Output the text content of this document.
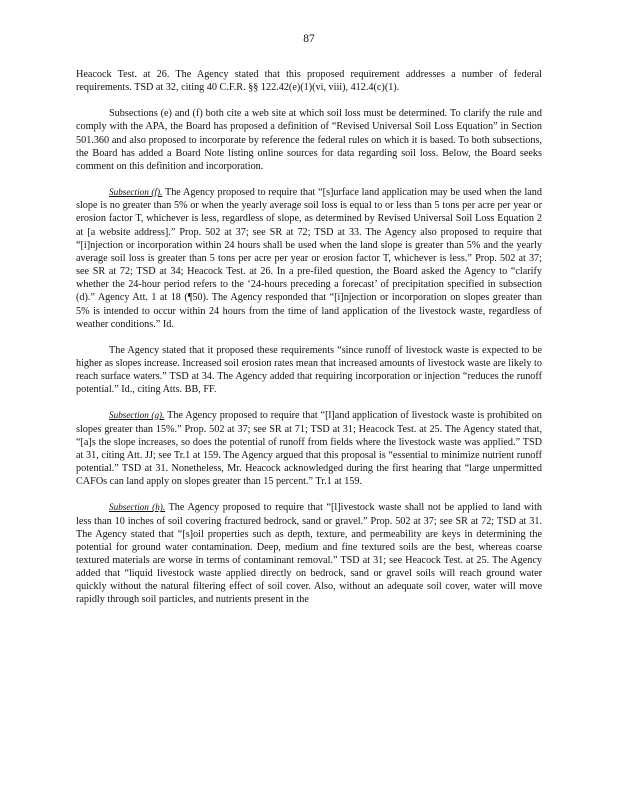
87

Heacock Test. at 26. The Agency stated that this proposed requirement addresses a number of federal requirements. TSD at 32, citing 40 C.F.R. §§ 122.42(e)(1)(vi, viii), 412.4(c)(1).

Subsections (e) and (f) both cite a web site at which soil loss must be determined. To clarify the rule and comply with the APA, the Board has proposed a definition of “Revised Universal Soil Loss Equation” in Section 501.360 and also proposed to incorporate by reference the federal rules on which it is based. To both subsections, the Board has added a Board Note listing online sources for data regarding soil loss. Below, the Board seeks comment on this definition and incorporation.

Subsection (f). The Agency proposed to require that “[s]urface land application may be used when the land slope is no greater than 5% or when the yearly average soil loss is equal to or less than 5 tons per acre per year or erosion factor T, whichever is less, regardless of slope, as determined by Revised Universal Soil Loss Equation 2 at [a website address].” Prop. 502 at 37; see SR at 72; TSD at 33. The Agency also proposed to require that “[i]njection or incorporation within 24 hours shall be used when the land slope is greater than 5% and the yearly average soil loss is greater than 5 tons per acre per year or erosion factor T, whichever is less.” Prop. 502 at 37; see SR at 72; TSD at 34; Heacock Test. at 26. In a pre-filed question, the Board asked the Agency to “clarify whether the 24-hour period refers to the ‘24-hours preceding a forecast’ of precipitation specified in subsection (d).” Agency Att. 1 at 18 (¶50). The Agency responded that “[i]njection or incorporation on slopes greater than 5% is intended to occur within 24 hours from the time of land application of the livestock waste, regardless of weather conditions.” Id.

The Agency stated that it proposed these requirements “since runoff of livestock waste is expected to be higher as slopes increase. Increased soil erosion rates mean that increased amounts of livestock waste are likely to reach surface waters.” TSD at 34. The Agency added that requiring incorporation or injection “reduces the runoff potential.” Id., citing Atts. BB, FF.

Subsection (g). The Agency proposed to require that “[l]and application of livestock waste is prohibited on slopes greater than 15%.” Prop. 502 at 37; see SR at 71; TSD at 31; Heacock Test. at 25. The Agency stated that, “[a]s the slope increases, so does the potential of runoff from fields where the livestock waste was applied.” TSD at 31, citing Att. JJ; see Tr.1 at 159. The Agency argued that this proposal is “essential to minimize nutrient runoff potential.” TSD at 31. Nonetheless, Mr. Heacock acknowledged during the first hearing that “large unpermitted CAFOs can land apply on slopes greater than 15 percent.” Tr.1 at 159.

Subsection (h). The Agency proposed to require that “[l]ivestock waste shall not be applied to land with less than 10 inches of soil covering fractured bedrock, sand or gravel.” Prop. 502 at 37; see SR at 72; TSD at 31. The Agency stated that “[s]oil properties such as depth, texture, and permeability are keys in determining the potential for ground water contamination. Deep, medium and fine textured soils are the best, whereas coarse textured materials are worse in terms of contaminant removal.” TSD at 31; see Heacock Test. at 25. The Agency added that “liquid livestock waste applied directly on bedrock, sand or gravel soils will reach ground water quickly without the natural filtering effect of soil cover. Also, without an adequate soil cover, water will move rapidly through soil particles, and nutrients present in the
